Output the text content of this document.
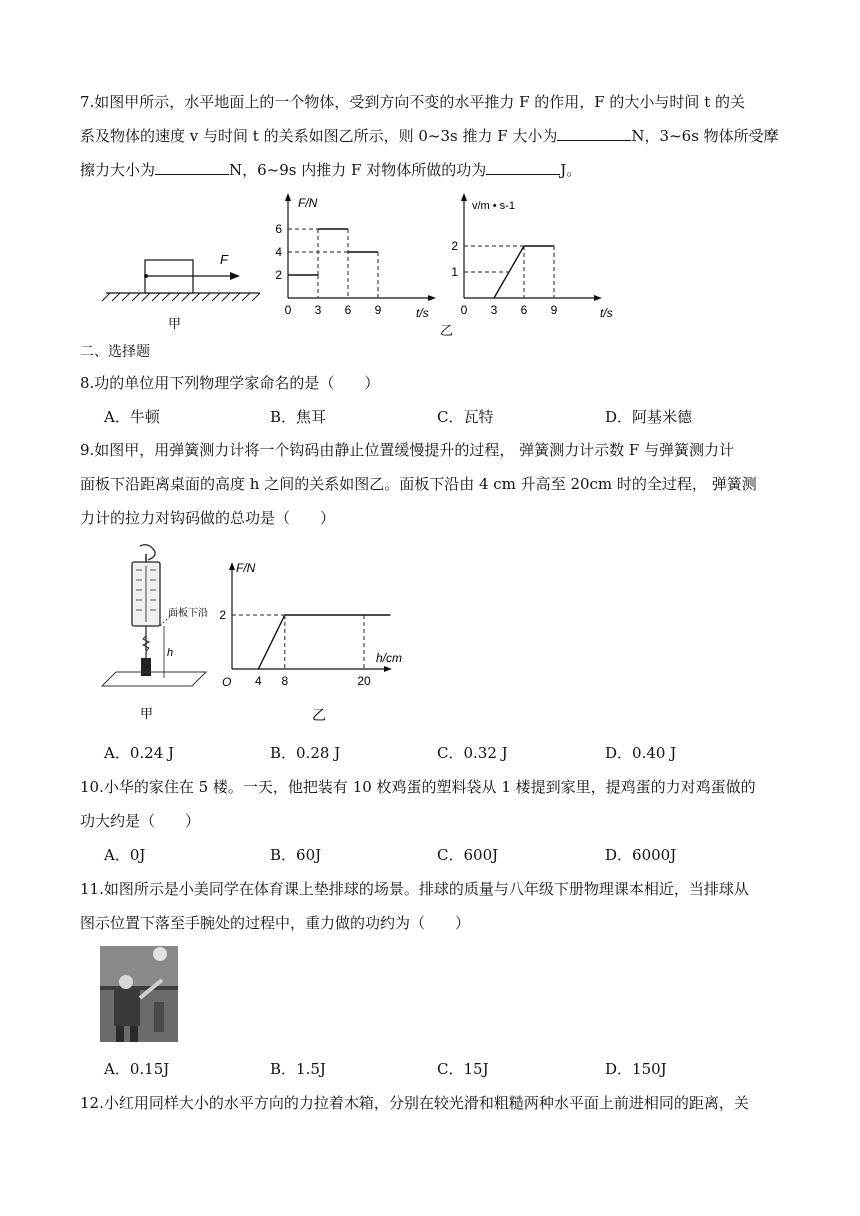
7.如图甲所示，水平地面上的一个物体，受到方向不变的水平推力 F 的作用，F 的大小与时间 t 的关
系及物体的速度 v 与时间 t 的关系如图乙所示，则 0~3s 推力 F 大小为	N，3~6s 物体所受摩
擦力大小为	N，6~9s 内推力 F 对物体所做的功为	J。
F
甲
F/N
t/s
2
4
6
0 3 6 9
v/m • s-1
t/s
乙
1
2
0 3 6 9
二、选择题
8.功的单位用下列物理学家命名的是（　　）
A．牛顿	B．焦耳	C．瓦特	D．阿基米德
9.如图甲，用弹簧测力计将一个钩码由静止位置缓慢提升的过程， 弹簧测力计示数 F 与弹簧测力计
面板下沿距离桌面的高度 h 之间的关系如图乙。面板下沿由 4 cm 升高至 20cm 时的全过程， 弹簧测
力计的拉力对钩码做的总功是（　　）
面板下沿
h
甲
F/N
h/cm
O
乙
2
4 8	20
A．0.24 J	B．0.28 J	C．0.32 J	D．0.40 J
10.小华的家住在 5 楼。一天，他把装有 10 枚鸡蛋的塑料袋从 1 楼提到家里，提鸡蛋的力对鸡蛋做的
功大约是（　　）
A．0J	B．60J	C．600J	D．6000J
11.如图所示是小美同学在体育课上垫排球的场景。排球的质量与八年级下册物理课本相近，当排球从
图示位置下落至手腕处的过程中，重力做的功约为（　　）
A．0.15J	B．1.5J	C．15J	D．150J
12.小红用同样大小的水平方向的力拉着木箱，分别在较光滑和粗糙两种水平面上前进相同的距离，关
